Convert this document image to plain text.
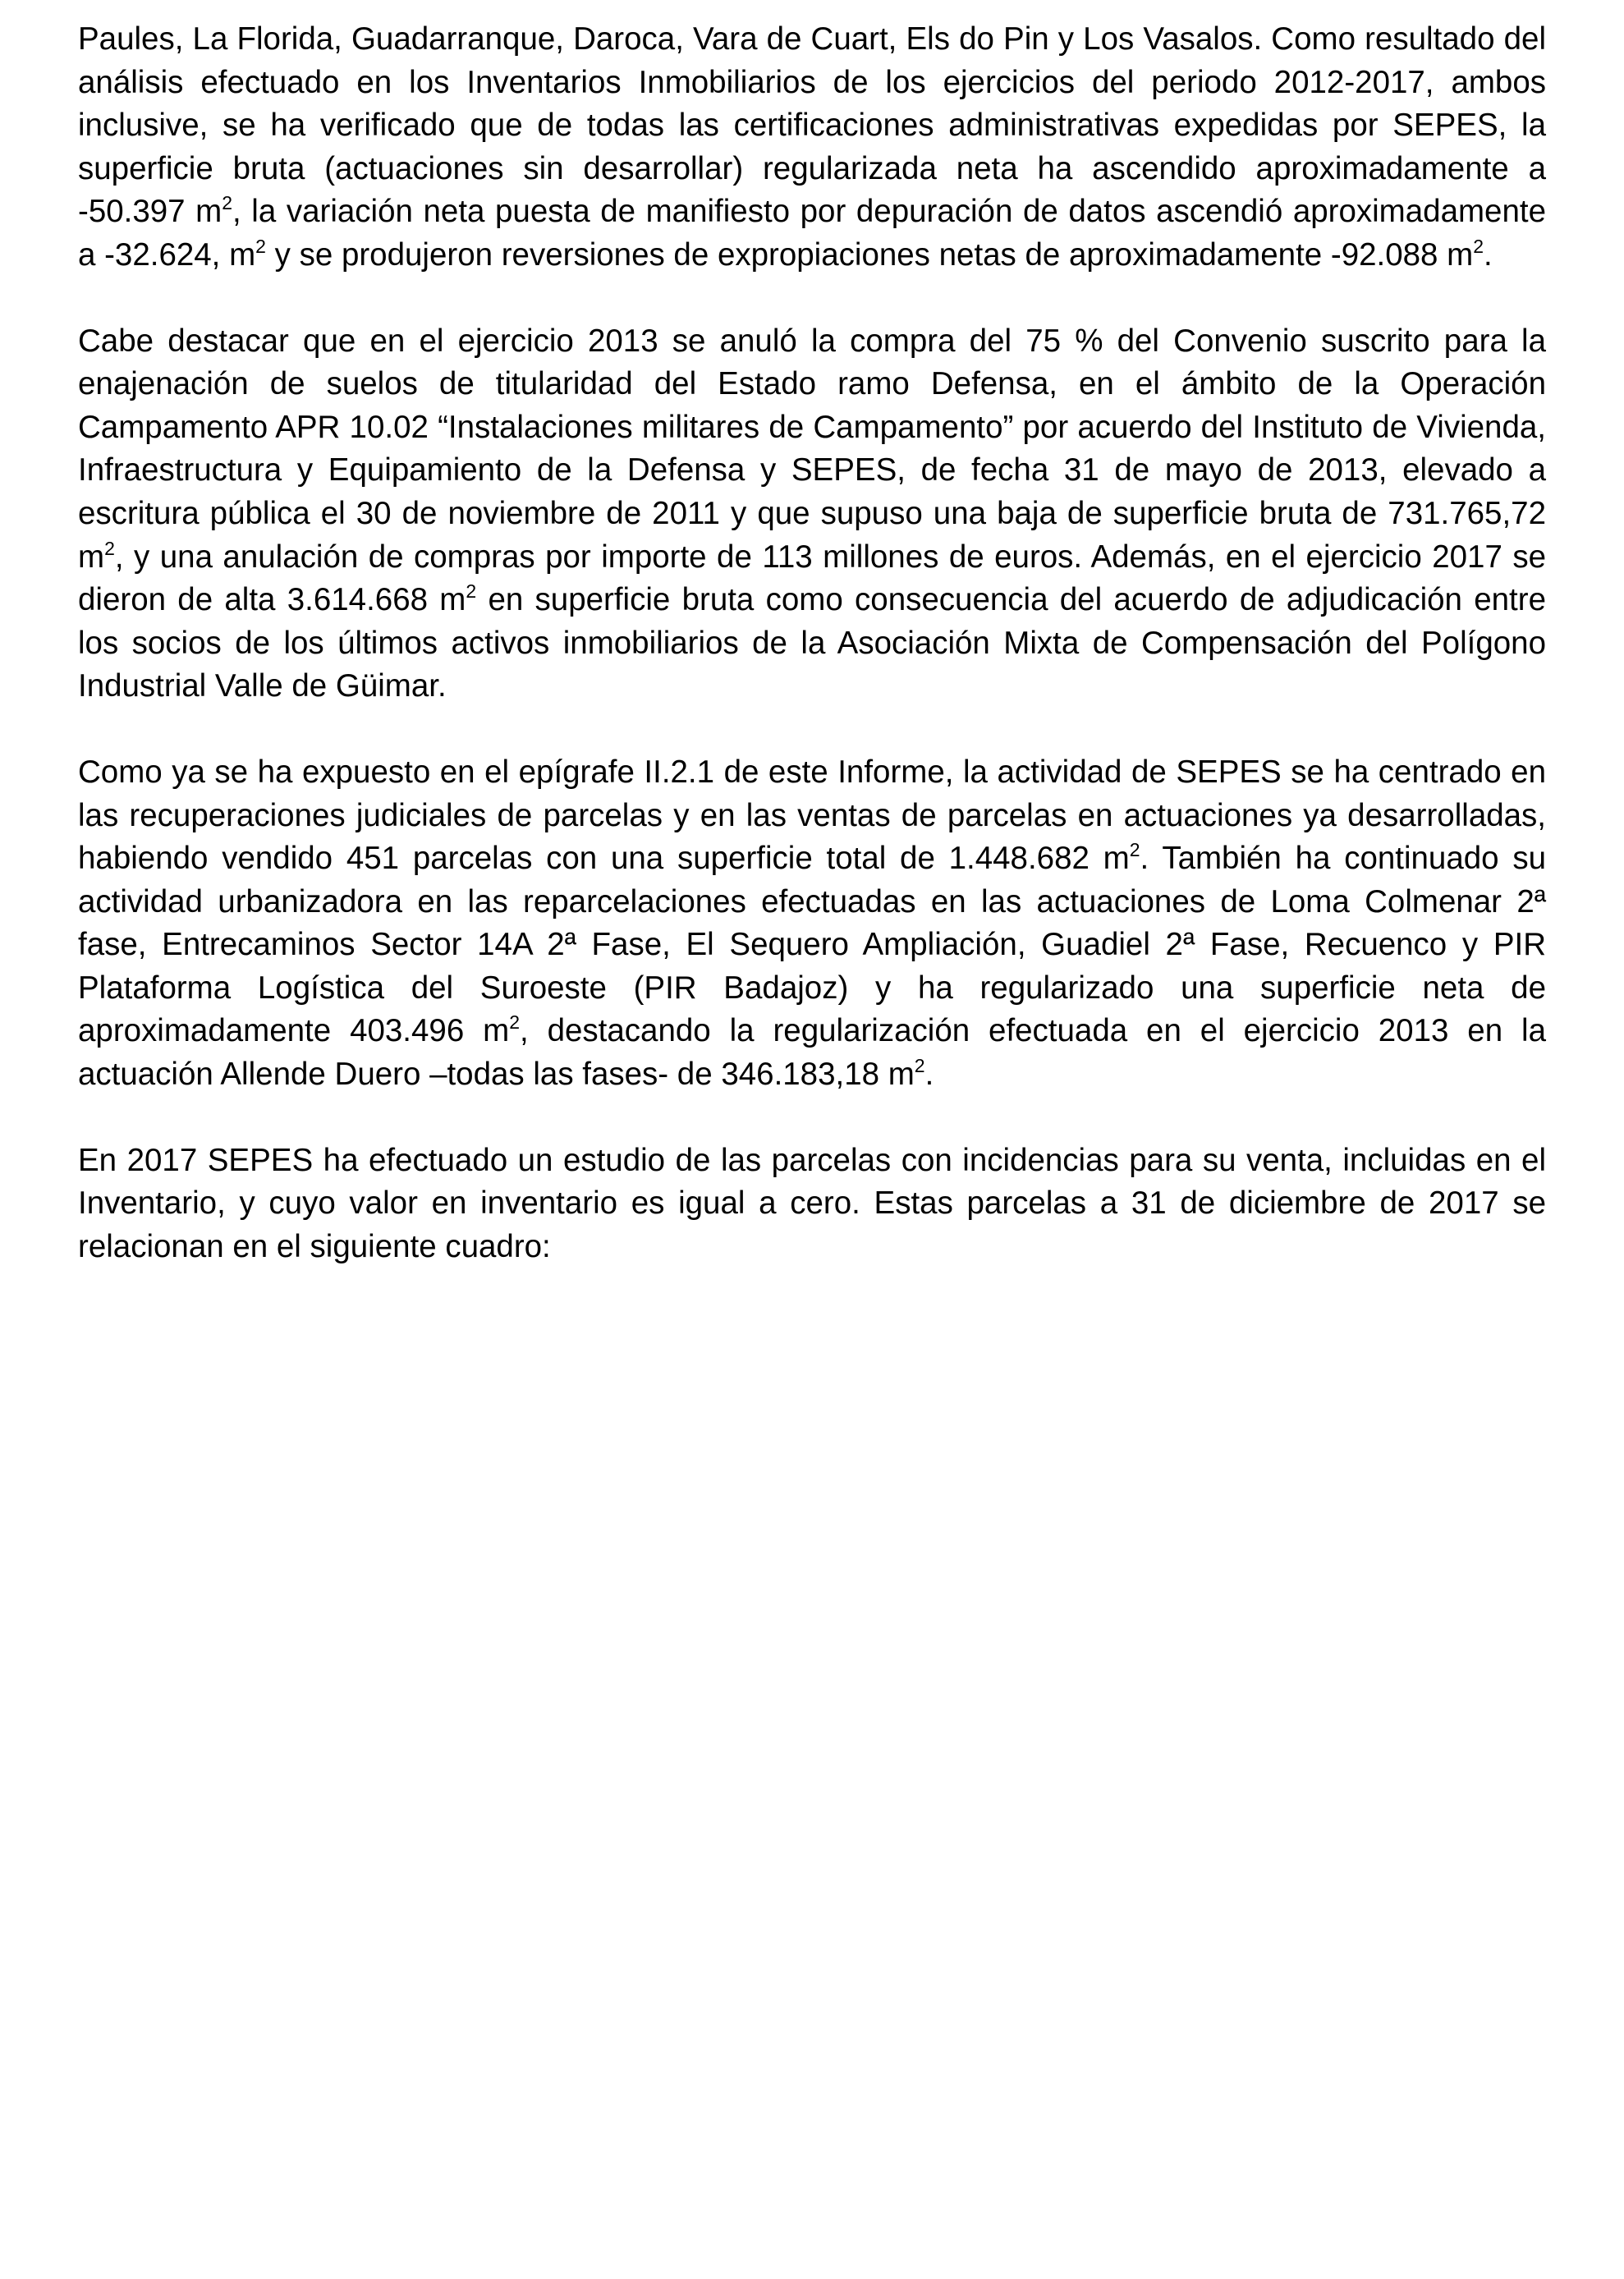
Paules, La Florida, Guadarranque, Daroca, Vara de Cuart, Els do Pin y Los Vasalos. Como resultado del análisis efectuado en los Inventarios Inmobiliarios de los ejercicios del periodo 2012-2017, ambos inclusive, se ha verificado que de todas las certificaciones administrativas expedidas por SEPES, la superficie bruta (actuaciones sin desarrollar) regularizada neta ha ascendido aproximadamente a -50.397 $m^2$, la variación neta puesta de manifiesto por depuración de datos ascendió aproximadamente a -32.624, $m^2$ y se produjeron reversiones de expropiaciones netas de aproximadamente -92.088 $m^2$.

Cabe destacar que en el ejercicio 2013 se anuló la compra del 75 % del Convenio suscrito para la enajenación de suelos de titularidad del Estado ramo Defensa, en el ámbito de la Operación Campamento APR 10.02 “Instalaciones militares de Campamento” por acuerdo del Instituto de Vivienda, Infraestructura y Equipamiento de la Defensa y SEPES, de fecha 31 de mayo de 2013, elevado a escritura pública el 30 de noviembre de 2011 y que supuso una baja de superficie bruta de 731.765,72 $m^2$, y una anulación de compras por importe de 113 millones de euros. Además, en el ejercicio 2017 se dieron de alta 3.614.668 $m^2$ en superficie bruta como consecuencia del acuerdo de adjudicación entre los socios de los últimos activos inmobiliarios de la Asociación Mixta de Compensación del Polígono Industrial Valle de Güimar.

Como ya se ha expuesto en el epígrafe II.2.1 de este Informe, la actividad de SEPES se ha centrado en las recuperaciones judiciales de parcelas y en las ventas de parcelas en actuaciones ya desarrolladas, habiendo vendido 451 parcelas con una superficie total de 1.448.682 $m^2$. También ha continuado su actividad urbanizadora en las reparcelaciones efectuadas en las actuaciones de Loma Colmenar 2ª fase, Entrecaminos Sector 14A 2ª Fase, El Sequero Ampliación, Guadiel 2ª Fase, Recuenco y PIR Plataforma Logística del Suroeste (PIR Badajoz) y ha regularizado una superficie neta de aproximadamente 403.496 $m^2$, destacando la regularización efectuada en el ejercicio 2013 en la actuación Allende Duero –todas las fases- de 346.183,18 $m^2$.

En 2017 SEPES ha efectuado un estudio de las parcelas con incidencias para su venta, incluidas en el Inventario, y cuyo valor en inventario es igual a cero. Estas parcelas a 31 de diciembre de 2017 se relacionan en el siguiente cuadro:
